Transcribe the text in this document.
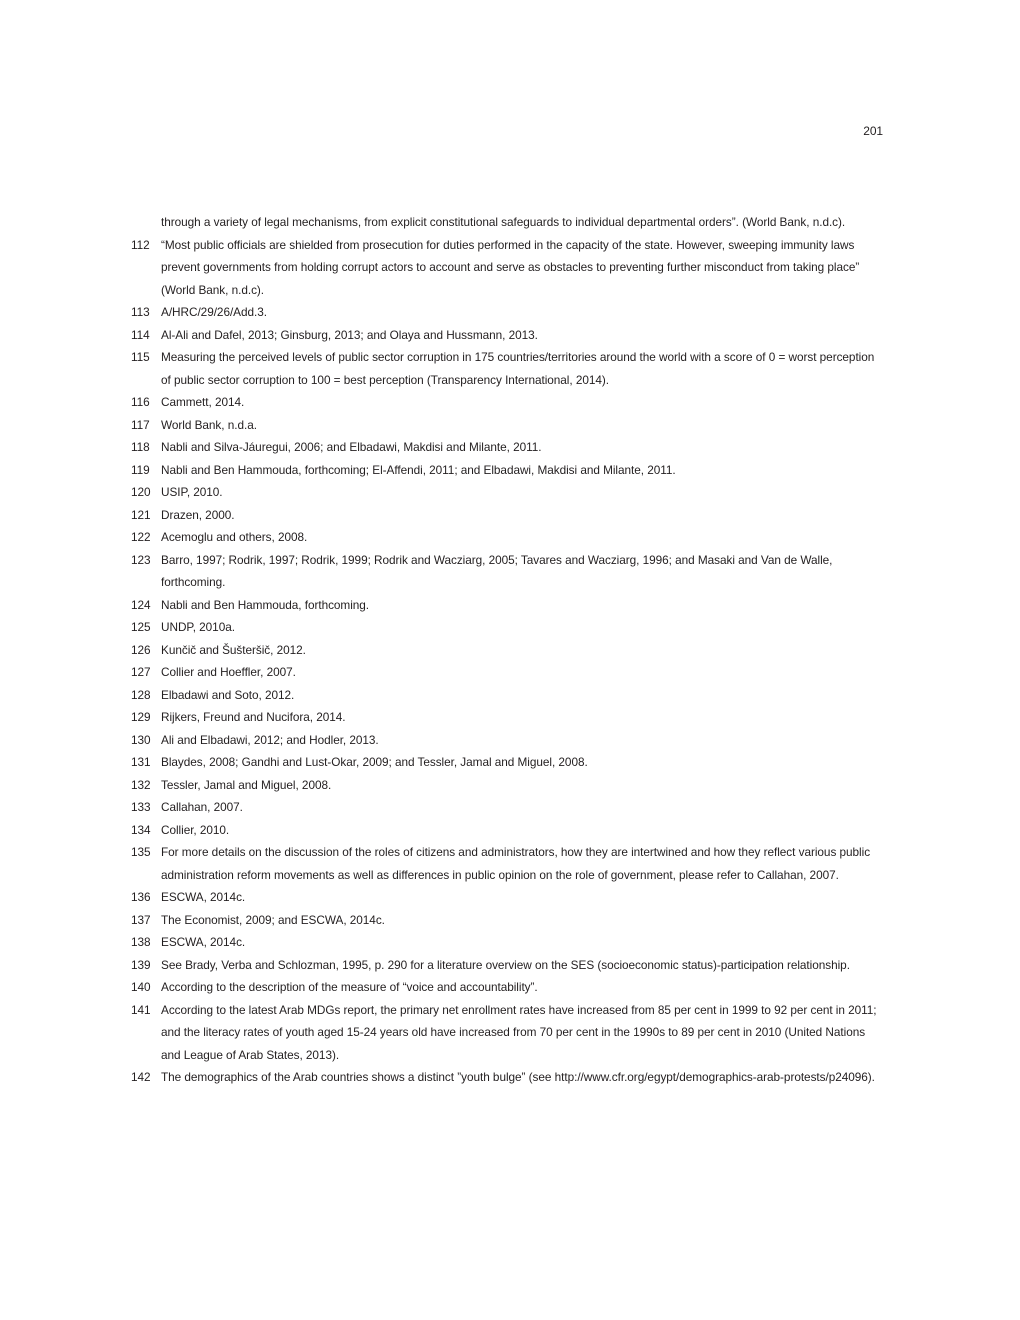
201
through a variety of legal mechanisms, from explicit constitutional safeguards to individual departmental orders”. (World Bank, n.d.c).
112 “Most public officials are shielded from prosecution for duties performed in the capacity of the state. However, sweeping immunity laws prevent governments from holding corrupt actors to account and serve as obstacles to preventing further misconduct from taking place” (World Bank, n.d.c).
113 A/HRC/29/26/Add.3.
114 Al-Ali and Dafel, 2013; Ginsburg, 2013; and Olaya and Hussmann, 2013.
115 Measuring the perceived levels of public sector corruption in 175 countries/territories around the world with a score of 0 = worst perception of public sector corruption to 100 = best perception (Transparency International, 2014).
116 Cammett, 2014.
117 World Bank, n.d.a.
118 Nabli and Silva-Jáuregui, 2006; and Elbadawi, Makdisi and Milante, 2011.
119 Nabli and Ben Hammouda, forthcoming; El-Affendi, 2011; and Elbadawi, Makdisi and Milante, 2011.
120 USIP, 2010.
121 Drazen, 2000.
122 Acemoglu and others, 2008.
123 Barro, 1997; Rodrik, 1997; Rodrik, 1999; Rodrik and Wacziarg, 2005; Tavares and Wacziarg, 1996; and Masaki and Van de Walle, forthcoming.
124 Nabli and Ben Hammouda, forthcoming.
125 UNDP, 2010a.
126 Kunčič and Šušteršič, 2012.
127 Collier and Hoeffler, 2007.
128 Elbadawi and Soto, 2012.
129 Rijkers, Freund and Nucifora, 2014.
130 Ali and Elbadawi, 2012; and Hodler, 2013.
131 Blaydes, 2008; Gandhi and Lust-Okar, 2009; and Tessler, Jamal and Miguel, 2008.
132 Tessler, Jamal and Miguel, 2008.
133 Callahan, 2007.
134 Collier, 2010.
135 For more details on the discussion of the roles of citizens and administrators, how they are intertwined and how they reflect various public administration reform movements as well as differences in public opinion on the role of government, please refer to Callahan, 2007.
136 ESCWA, 2014c.
137 The Economist, 2009; and ESCWA, 2014c.
138 ESCWA, 2014c.
139 See Brady, Verba and Schlozman, 1995, p. 290 for a literature overview on the SES (socioeconomic status)-participation relationship.
140 According to the description of the measure of “voice and accountability”.
141 According to the latest Arab MDGs report, the primary net enrollment rates have increased from 85 per cent in 1999 to 92 per cent in 2011; and the literacy rates of youth aged 15-24 years old have increased from 70 per cent in the 1990s to 89 per cent in 2010 (United Nations and League of Arab States, 2013).
142 The demographics of the Arab countries shows a distinct ”youth bulge” (see http://www.cfr.org/egypt/demographics-arab-protests/p24096).
